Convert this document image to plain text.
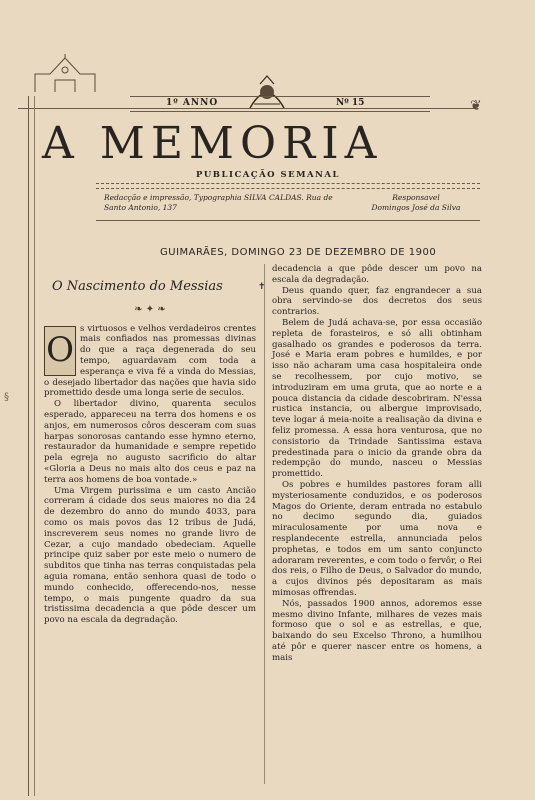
❦
1º ANNO	Nº 15
A MEMORIA
PUBLICAÇÃO SEMANAL
Redacção e impressão, Typographia SILVA CALDAS. Rua de Santo Antonio, 137
Responsavel
Domingos José da Silva
GUIMARÃES, DOMINGO 23 DE DEZEMBRO DE 1900
§
✝
O Nascimento do Messias
❧ ✦ ❧

O
s virtuosos e velhos verdadeiros crentes mais confiados nas promessas divinas do que a raça degenerada do seu tempo, aguardavam com toda a esperança e viva fé a vinda do Messias, o desejado libertador das nações que havia sido promettido desde uma longa serie de seculos.

O libertador divino, quarenta seculos esperado, appareceu na terra dos homens e os anjos, em numerosos côros desceram com suas harpas sonorosas cantando esse hymno eterno, restaurador da humanidade e sempre repetido pela egreja no augusto sacrificio do altar «Gloria a Deus no mais alto dos ceus e paz na terra aos homens de boa vontade.»

Uma Virgem purissima e um casto Ancião correram á cidade dos seus maiores no dia 24 de dezembro do anno do mundo 4033, para como os mais povos das 12 tribus de Judá, inscreverem seus nomes no grande livro de Cezar, a cujo mandado obedeciam. Aquelle principe quiz saber por este meio o numero de subditos que tinha nas terras conquistadas pela aguia romana, então senhora quasi de todo o mundo conhecido, offerecendo-nos, nesse tempo, o mais pungente quadro da sua tristissima decadencia a que pôde descer um povo na escala da degradação.

decadencia a que pôde descer um povo na escala da degradação.

Deus quando quer, faz engrandecer a sua obra servindo-se dos decretos dos seus contrarios.

Belem de Judá achava-se, por essa occasião repleta de forasteiros, e só alli obtinham gasalhado os grandes e poderosos da terra. José e Maria eram pobres e humildes, e por isso não acharam uma casa hospitaleira onde se recolhessem, por cujo motivo, se introduziram em uma gruta, que ao norte e a pouca distancia da cidade descobriram. N'essa rustica instancia, ou albergue improvisado, teve logar á meia-noite a realisação da divina e feliz promessa. A essa hora venturosa, que no consistorio da Trindade Santissima estava predestinada para o inicio da grande obra da redempção do mundo, nasceu o Messias promettido.

Os pobres e humildes pastores foram alli mysteriosamente conduzidos, e os poderosos Magos do Oriente, deram entrada no estabulo no decimo segundo dia, guiados miraculosamente por uma nova e resplandecente estrella, annunciada pelos prophetas, e todos em um santo conjuncto adoraram reverentes, e com todo o fervôr, o Rei dos reis, o Filho de Deus, o Salvador do mundo, a cujos divinos pés depositaram as mais mimosas offrendas.

Nós, passados 1900 annos, adoremos esse mesmo divino Infante, milhares de vezes mais formoso que o sol e as estrellas, e que, baixando do seu Excelso Throno, a humilhou até pôr e querer nascer entre os homens, a mais
